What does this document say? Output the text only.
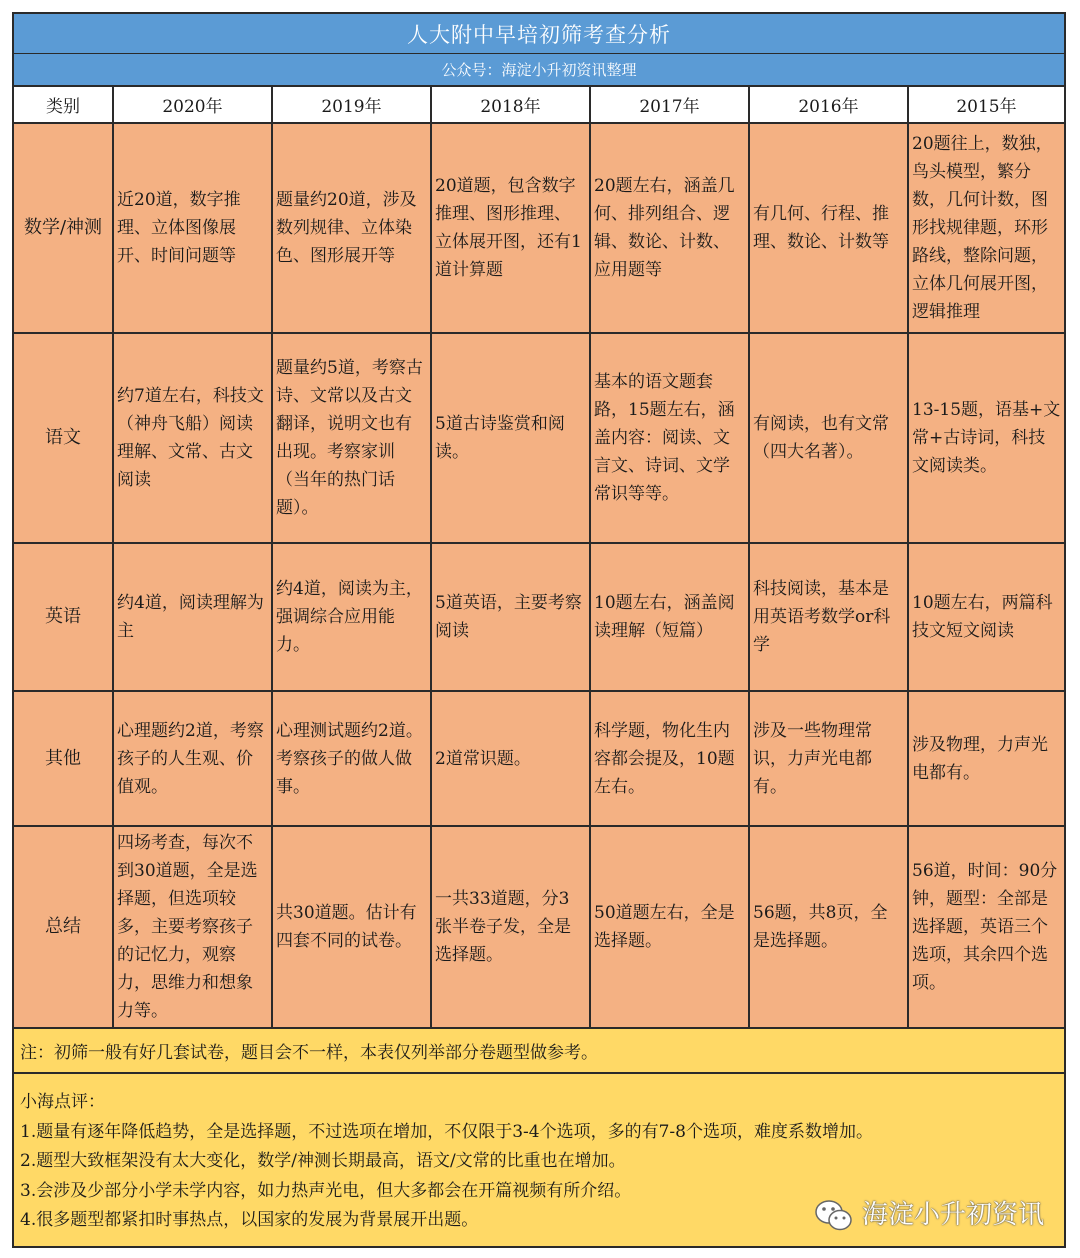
人大附中早培初筛考查分析
公众号：海淀小升初资讯整理
类别	2020年	2019年	2018年	2017年	2016年	2015年
数学/神测	近20道，数字推理、立体图像展开、时间问题等	题量约20道，涉及数列规律、立体染色、图形展开等	20道题，包含数字推理、图形推理、立体展开图，还有1道计算题	20题左右，涵盖几何、排列组合、逻辑、数论、计数、应用题等	有几何、行程、推理、数论、计数等	20题往上，数独，鸟头模型，繁分数，几何计数，图形找规律题，环形路线，整除问题，立体几何展开图，逻辑推理

语文	约7道左右，科技文（神舟飞船）阅读理解、文常、古文阅读	题量约5道，考察古诗、文常以及古文翻译，说明文也有出现。考察家训（当年的热门话题）。	5道古诗鉴赏和阅读。	基本的语文题套路，15题左右，涵盖内容：阅读、文言文、诗词、文学常识等等。	有阅读，也有文常（四大名著）。	13-15题，语基+文常+古诗词，科技文阅读类。
英语	约4道，阅读理解为主	约4道，阅读为主，强调综合应用能力。	5道英语，主要考察阅读	10题左右，涵盖阅读理解（短篇）	科技阅读，基本是用英语考数学or科学	10题左右，两篇科技文短文阅读
其他	心理题约2道，考察孩子的人生观、价值观。	心理测试题约2道。考察孩子的做人做事。	2道常识题。	科学题，物化生内容都会提及，10题左右。	涉及一些物理常识，力声光电都有。	涉及物理，力声光电都有。
总结	四场考查，每次不到30道题，全是选择题，但选项较多，主要考察孩子的记忆力，观察力，思维力和想象力等。	共30道题。估计有四套不同的试卷。	一共33道题，分3张半卷子发，全是选择题。	50道题左右，全是选择题。	56题，共8页，全是选择题。	56道，时间：90分钟，题型：全部是选择题，英语三个选项，其余四个选项。
注：初筛一般有好几套试卷，题目会不一样，本表仅列举部分卷题型做参考。
小海点评：
1.题量有逐年降低趋势，全是选择题，不过选项在增加，不仅限于3-4个选项，多的有7-8个选项，难度系数增加。
2.题型大致框架没有太大变化，数学/神测长期最高，语文/文常的比重也在增加。
3.会涉及少部分小学未学内容，如力热声光电，但大多都会在开篇视频有所介绍。
4.很多题型都紧扣时事热点，以国家的发展为背景展开出题。	海淀小升初资讯
